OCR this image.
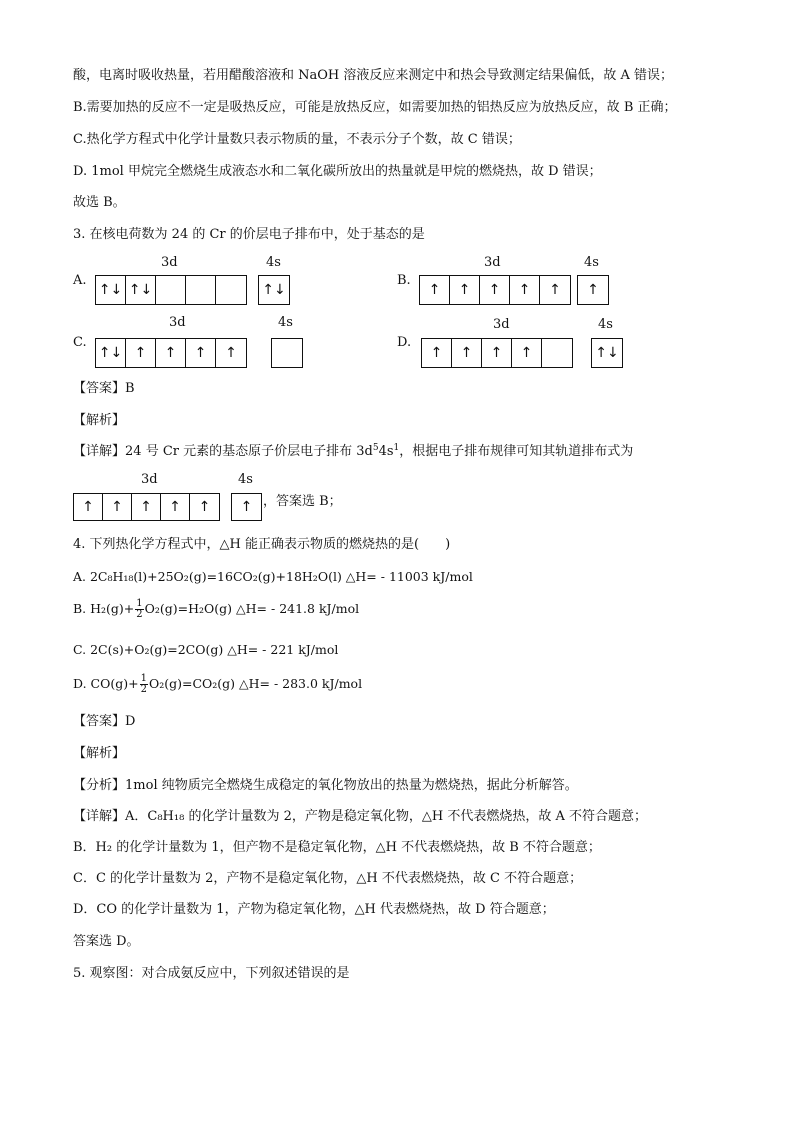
酸，电离时吸收热量，若用醋酸溶液和 NaOH 溶液反应来测定中和热会导致测定结果偏低，故 A 错误；
B.需要加热的反应不一定是吸热反应，可能是放热反应，如需要加热的铝热反应为放热反应，故 B 正确；
C.热化学方程式中化学计量数只表示物质的量，不表示分子个数，故 C 错误；
D. 1mol 甲烷完全燃烧生成液态水和二氧化碳所放出的热量就是甲烷的燃烧热，故 D 错误；
故选 B。
3. 在核电荷数为 24 的 Cr 的价层电子排布中，处于基态的是
A.
3d	4s
↑↓ ↑↓	↑↓
B.
3d	4s
↑	↑	↑	↑	↑	↑
C.
3d	4s
↑↓ ↑	↑	↑	↑
D.
3d	4s
↑	↑	↑	↑	↑↓
【答案】B
【解析】
【详解】24 号 Cr 元素的基态原子价层电子排布 $3d^54s^1$，根据电子排布规律可知其轨道排布式为
3d	4s
↑	↑	↑	↑	↑	↑ ，答案选 B；
4. 下列热化学方程式中，△H 能正确表示物质的燃烧热的是(　　)
A. 2C₈H₁₈(l)+25O₂(g)=16CO₂(g)+18H₂O(l) △H= - 11003 kJ/mol
B. $H_2(g)+ \frac{1}{2} O_2(g)=H_2O(g)$ △H= - 241.8 kJ/mol
C. 2C(s)+O₂(g)=2CO(g) △H= - 221 kJ/mol
D. $CO(g)+ \frac{1}{2} O_2(g)=CO_2(g)$ △H= - 283.0 kJ/mol
【答案】D
【解析】
【分析】1mol 纯物质完全燃烧生成稳定的氧化物放出的热量为燃烧热，据此分析解答。
【详解】A．C₈H₁₈ 的化学计量数为 2，产物是稳定氧化物，△H 不代表燃烧热，故 A 不符合题意；
B．H₂ 的化学计量数为 1，但产物不是稳定氧化物，△H 不代表燃烧热，故 B 不符合题意；
C．C 的化学计量数为 2，产物不是稳定氧化物，△H 不代表燃烧热，故 C 不符合题意；
D．CO 的化学计量数为 1，产物为稳定氧化物，△H 代表燃烧热，故 D 符合题意；
答案选 D。
5. 观察图：对合成氨反应中，下列叙述错误的是
